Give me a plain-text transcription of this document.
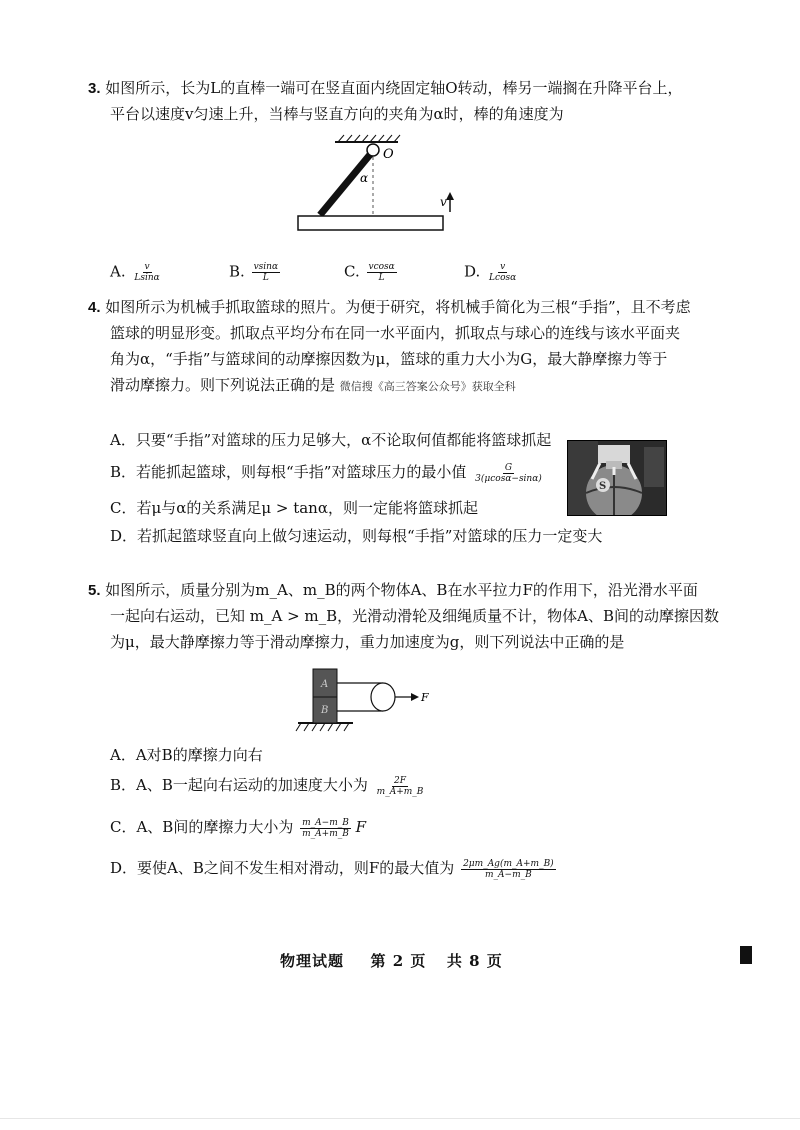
3. 如图所示，长为L的直棒一端可在竖直面内绕固定轴O转动，棒另一端搁在升降平台上，
平台以速度v匀速上升，当棒与竖直方向的夹角为α时，棒的角速度为
O
α
v
A. $\frac{v}{Lsin\alpha}$	B. $\frac{vsin\alpha}{L}$	C. $\frac{vcos\alpha}{L}$	D. $\frac{v}{Lcos\alpha}$
4. 如图所示为机械手抓取篮球的照片。为便于研究，将机械手简化为三根“手指”，且不考虑
篮球的明显形变。抓取点平均分布在同一水平面内，抓取点与球心的连线与该水平面夹
角为α，“手指”与篮球间的动摩擦因数为μ，篮球的重力大小为G，最大静摩擦力等于
滑动摩擦力。则下列说法正确的是 微信搜《高三答案公众号》获取全科
A．只要“手指”对篮球的压力足够大，α不论取何值都能将篮球抓起
B．若能抓起篮球，则每根“手指”对篮球压力的最小值 $\frac{G}{3(\mu\cos\alpha-\sin\alpha)}$
C．若μ与α的关系满足μ > tanα，则一定能将篮球抓起
D．若抓起篮球竖直向上做匀速运动，则每根“手指”对篮球的压力一定变大
S
5. 如图所示，质量分别为m_A、m_B的两个物体A、B在水平拉力F的作用下，沿光滑水平面
一起向右运动，已知 m_A > m_B，光滑动滑轮及细绳质量不计，物体A、B间的动摩擦因数
为μ，最大静摩擦力等于滑动摩擦力，重力加速度为g，则下列说法中正确的是
A
B
F
A．A对B的摩擦力向右
B．A、B一起向右运动的加速度大小为 $\frac{2F}{m\_A+m\_B}$
C．A、B间的摩擦力大小为 $\frac{m\_A-m\_B}{m\_A+m\_B}$ F
D．要使A、B之间不发生相对滑动，则F的最大值为 $\frac{2\mu m\_Ag(m\_A+m\_B)}{m\_A-m\_B}$
物理试题 第 2 页 共 8 页
